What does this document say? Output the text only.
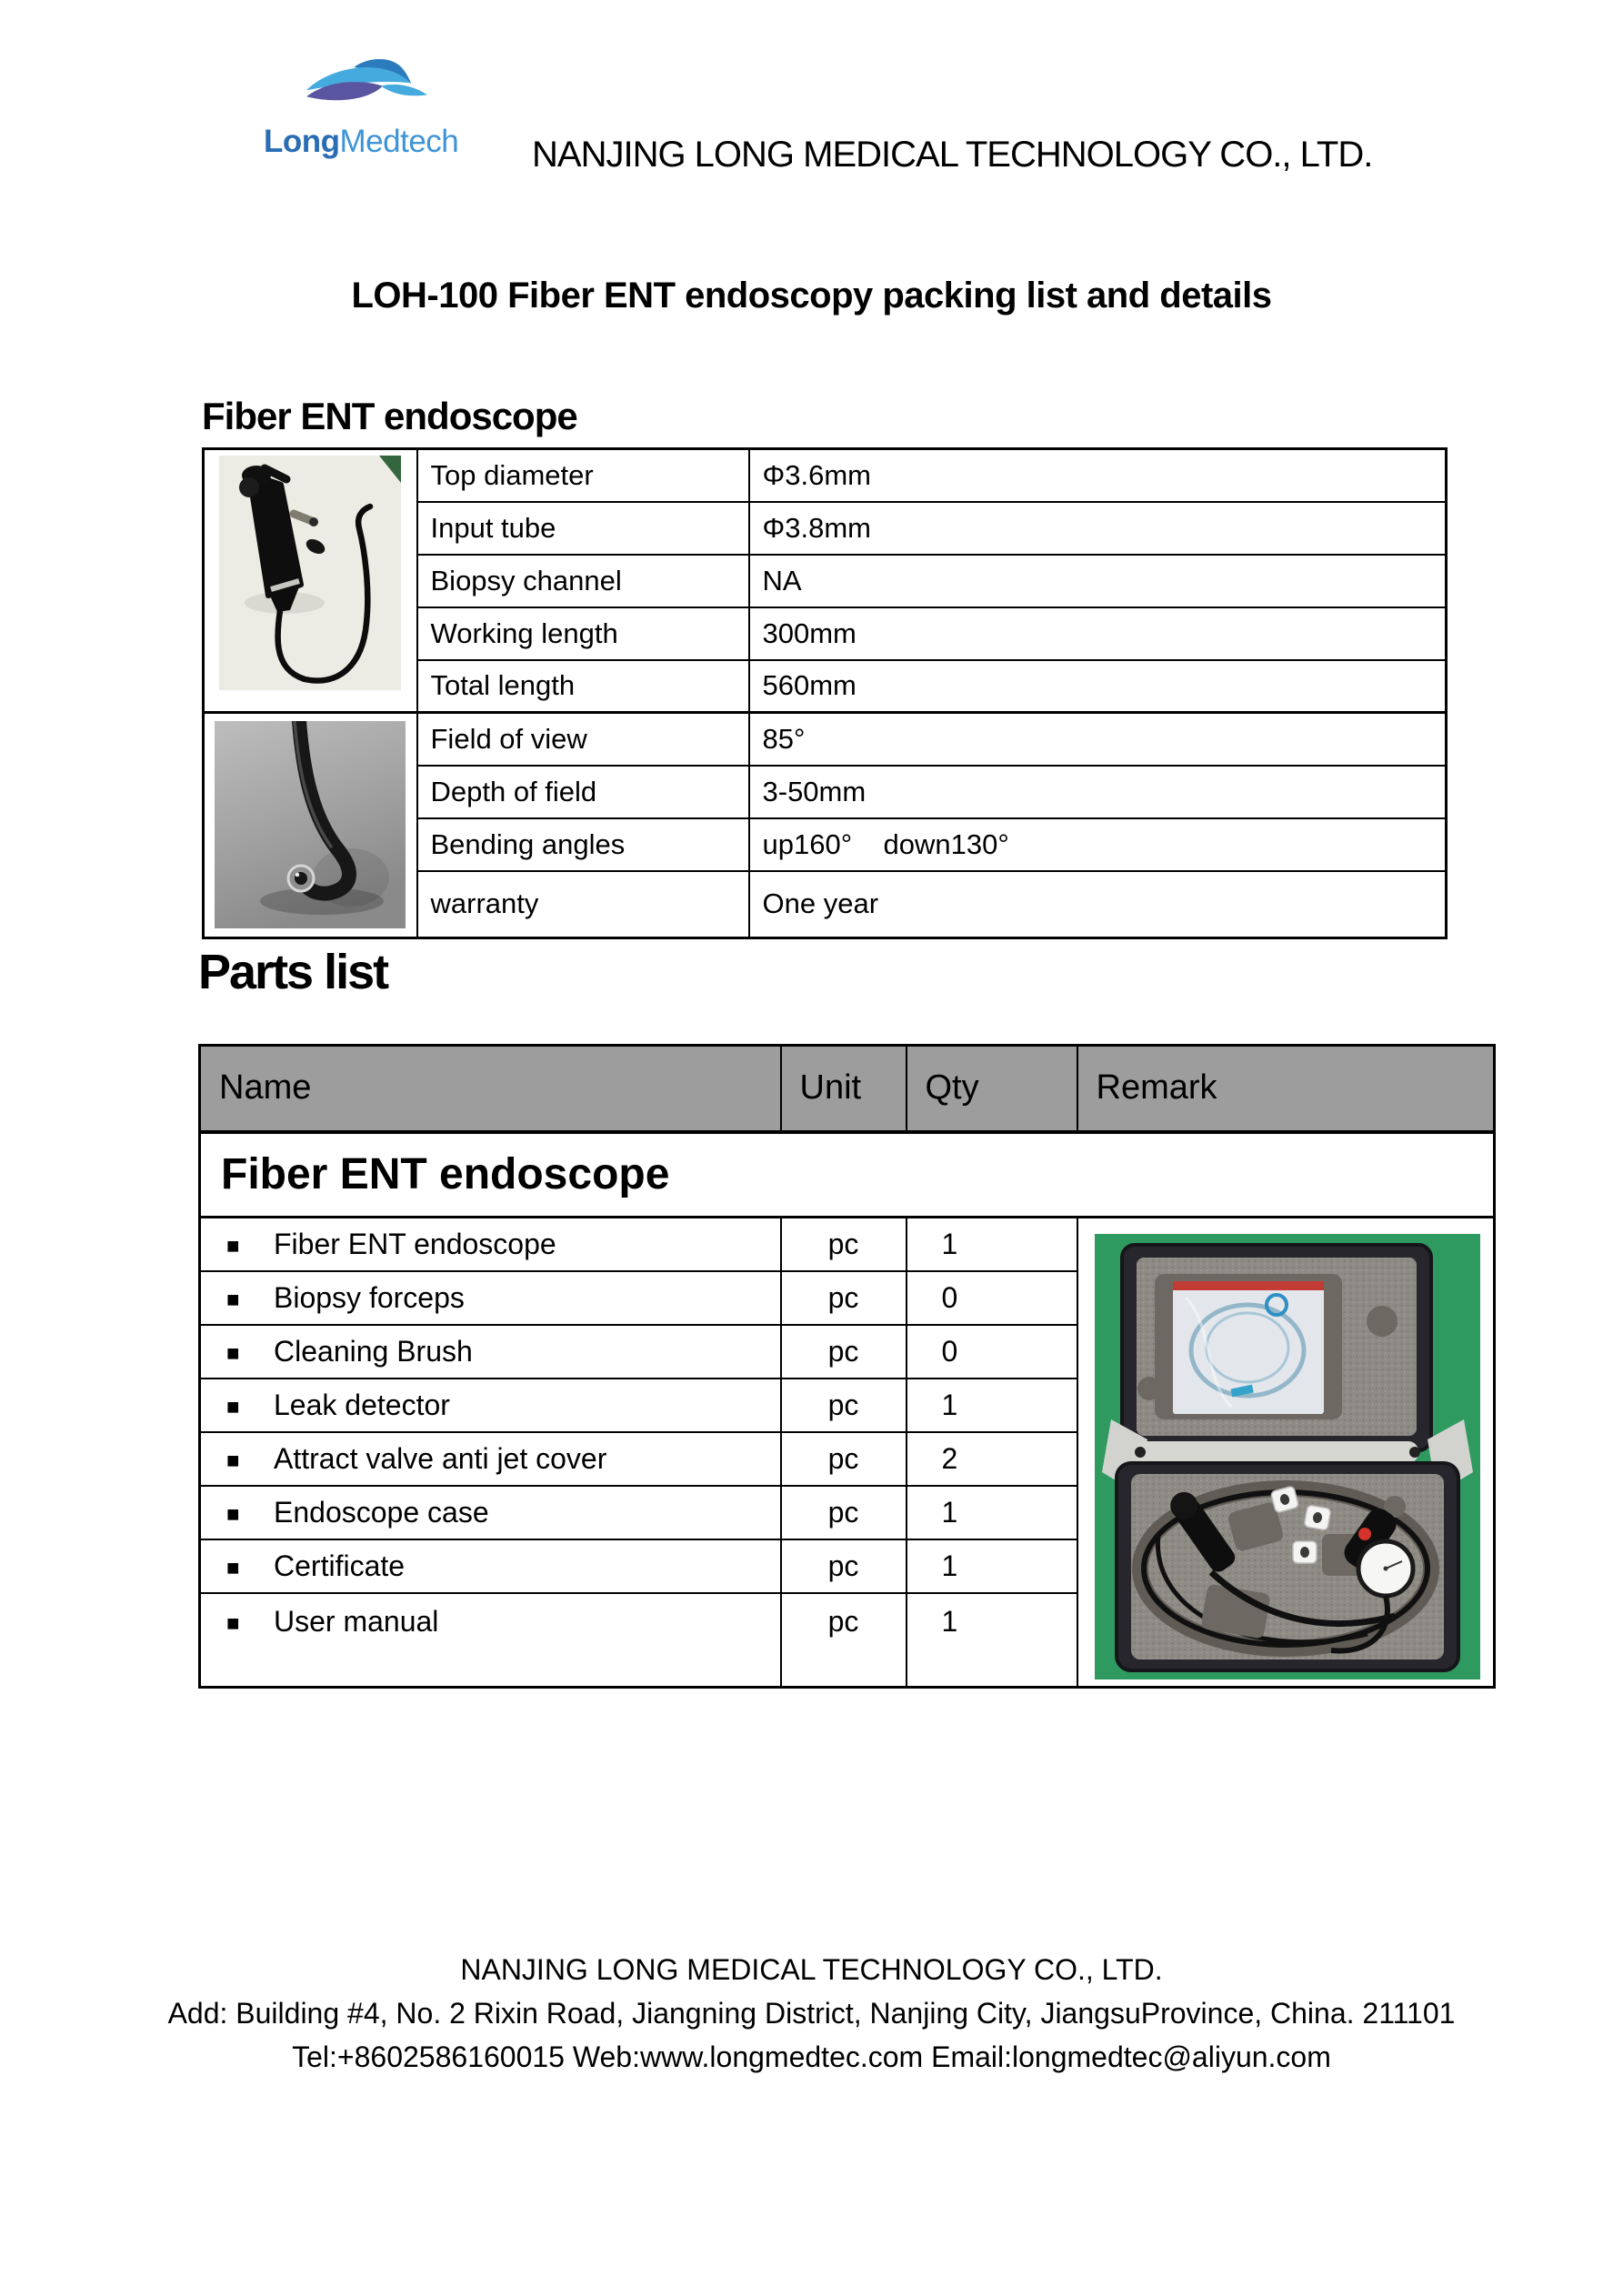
LongMedtech	NANJING LONG MEDICAL TECHNOLOGY CO., LTD.
LOH-100 Fiber ENT endoscopy packing list and details
Fiber ENT endoscope
	Top diameter	Φ3.6mm
	Input tube	Φ3.8mm
	Biopsy channel	NA
	Working length	300mm
	Total length	560mm

	Field of view	85°
	Depth of field	3-50mm
	Bending angles	up160°    down130°
	warranty	One year
Parts list
Name	Unit	Qty	Remark
Fiber ENT endoscope			
■ Fiber ENT endoscope	pc	1	

■ Biopsy forceps	pc	0	
■ Cleaning Brush	pc	0	
■ Leak detector	pc	1	
■ Attract valve anti jet cover	pc	2	
■ Endoscope case	pc	1	
■ Certificate	pc	1	
■ User manual	pc	1	
NANJING LONG MEDICAL TECHNOLOGY CO., LTD.
Add: Building #4, No. 2 Rixin Road, Jiangning District, Nanjing City, JiangsuProvince, China. 211101
Tel:+8602586160015 Web:www.longmedtec.com Email:longmedtec@aliyun.com
